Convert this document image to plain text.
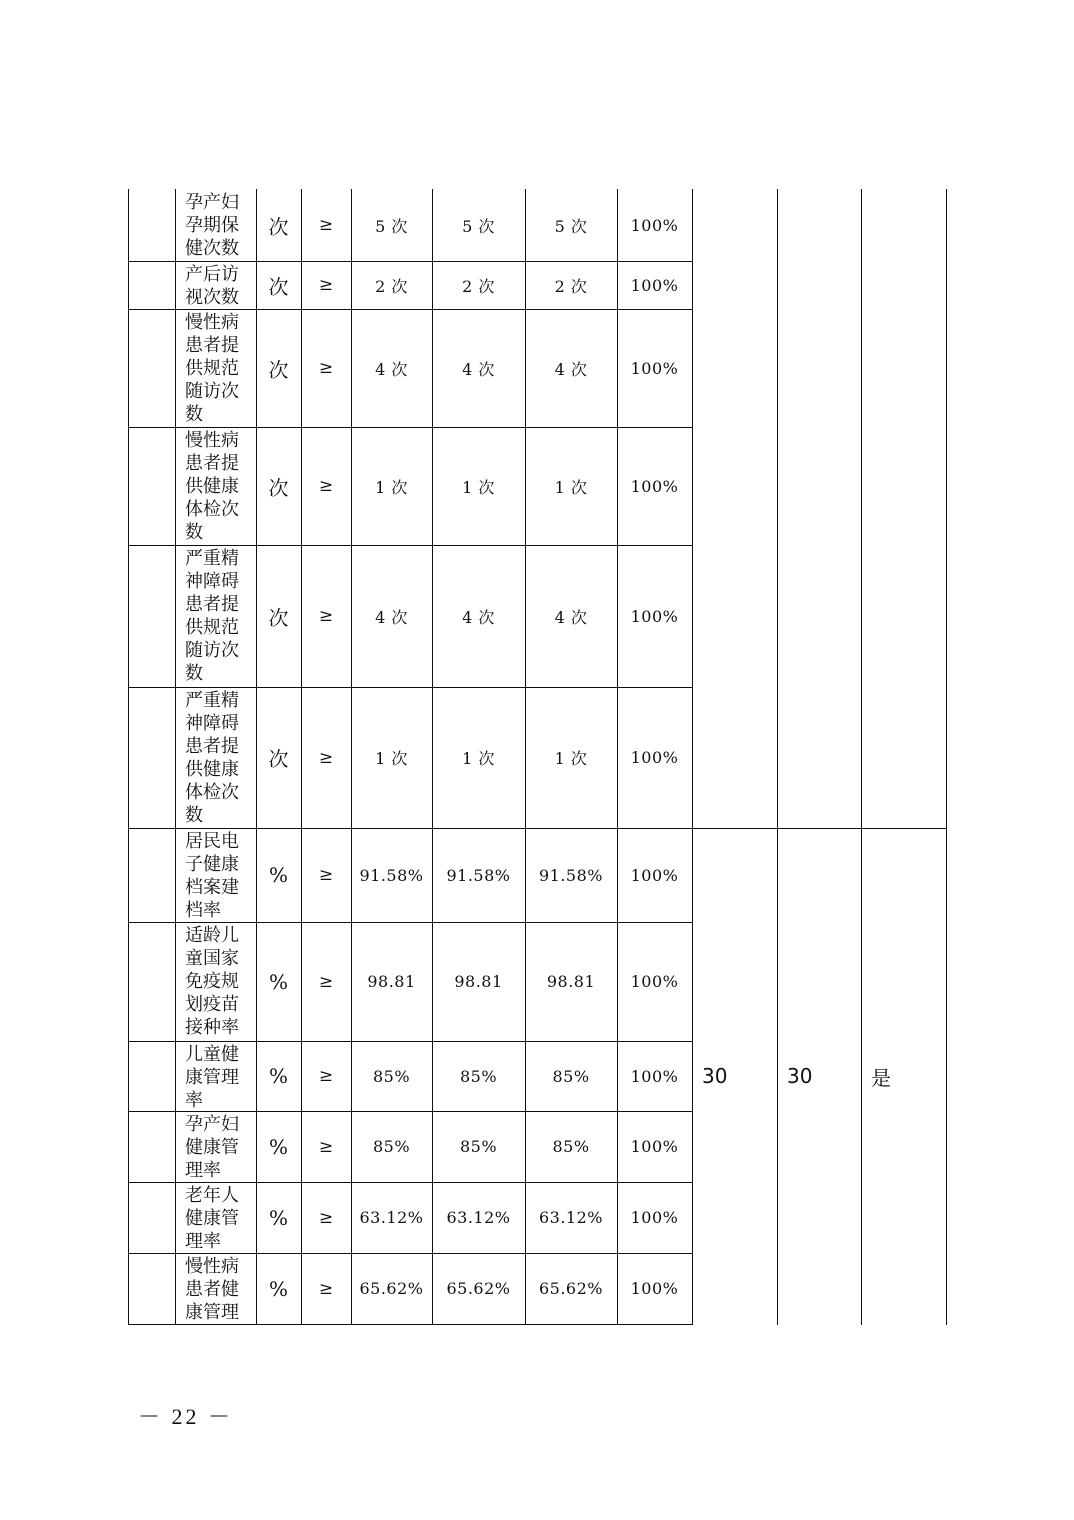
孕产妇
孕期保
健次数
次	≥	5 次	5 次	5 次	100%
产后访
视次数	次	≥	2 次	2 次	2 次	100%
慢性病
患者提
供规范
随访次
数
次	≥	4 次	4 次	4 次	100%
慢性病
患者提
供健康
体检次
数
次	≥	1 次	1 次	1 次	100%
严重精
神障碍
患者提
供规范
随访次
数
次	≥	4 次	4 次	4 次	100%
严重精
神障碍
患者提
供健康
体检次
数
次	≥	1 次	1 次	1 次	100%
居民电
子健康
档案建
档率
%	≥	91.58%	91.58%	91.58%	100%
适龄儿
童国家
免疫规
划疫苗
接种率
%	≥	98.81	98.81	98.81	100%
儿童健
康管理
率
%	≥	85%	85%	85%	100%
孕产妇
健康管
理率
%	≥	85%	85%	85%	100%
老年人
健康管
理率
%	≥	63.12%	63.12%	63.12%	100%
慢性病
患者健
康管理
%	≥	65.62%	65.62%	65.62%	100%
30	30	是
－ 22 －
